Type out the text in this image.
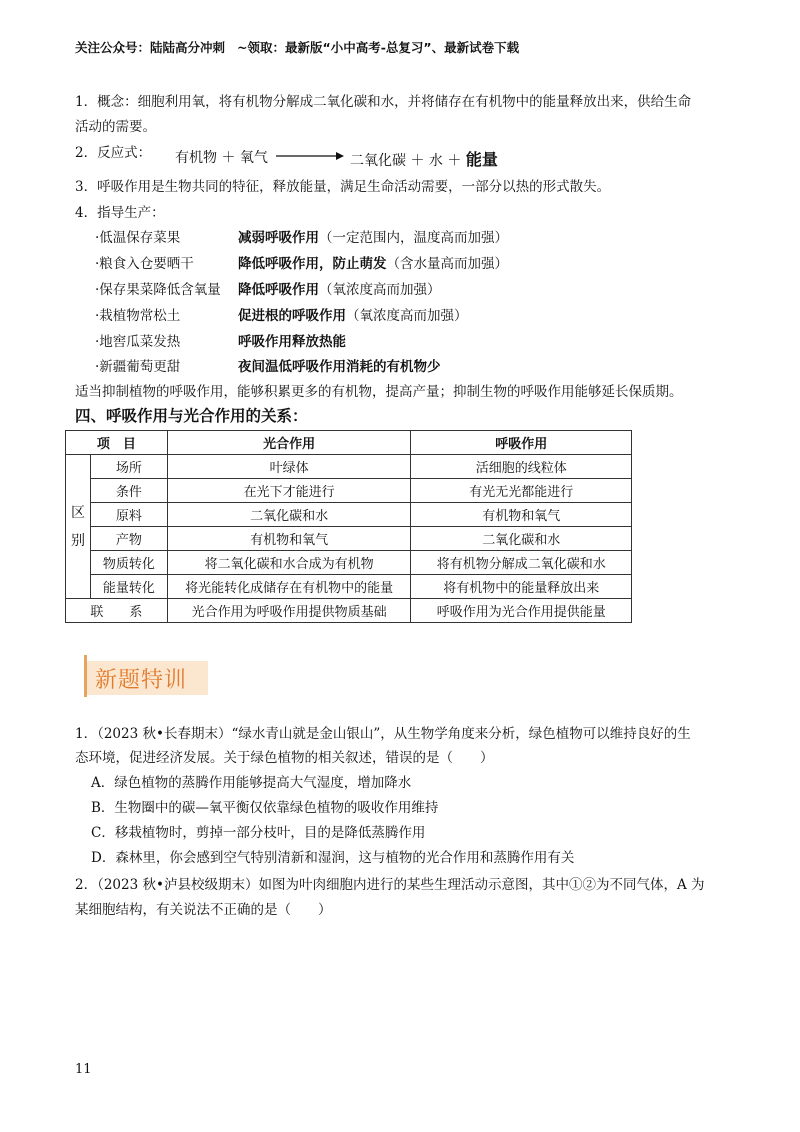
关注公众号：陆陆高分冲刺 ~领取：最新版“小中高考-总复习”、最新试卷下载
1．概念：细胞利用氧，将有机物分解成二氧化碳和水，并将储存在有机物中的能量释放出来，供给生命
活动的需要。
2．反应式： 有机物 ＋ 氧气	二氧化碳 ＋ 水 ＋ 能量
3．呼吸作用是生物共同的特征，释放能量，满足生命活动需要，一部分以热的形式散失。
4．指导生产：
·低温保存菜果	减弱呼吸作用（一定范围内，温度高而加强）
·粮食入仓要晒干	降低呼吸作用，防止萌发（含水量高而加强）
·保存果菜降低含氧量 降低呼吸作用（氧浓度高而加强）
·栽植物常松土	促进根的呼吸作用（氧浓度高而加强）
·地窖瓜菜发热	呼吸作用释放热能
·新疆葡萄更甜	夜间温低呼吸作用消耗的有机物少
适当抑制植物的呼吸作用，能够积累更多的有机物，提高产量；抑制生物的呼吸作用能够延长保质期。
四、呼吸作用与光合作用的关系：
项　目		光合作用	呼吸作用
区
别	场所	叶绿体	活细胞的线粒体
	条件	在光下才能进行	有光无光都能进行
	原料	二氧化碳和水	有机物和氧气
	产物	有机物和氧气	二氧化碳和水
	物质转化	将二氧化碳和水合成为有机物	将有机物分解成二氧化碳和水
	能量转化	将光能转化成储存在有机物中的能量	将有机物中的能量释放出来
联　　系		光合作用为呼吸作用提供物质基础	呼吸作用为光合作用提供能量
新题特训
1．（2023 秋•长春期末）“绿水青山就是金山银山”，从生物学角度来分析，绿色植物可以维持良好的生
态环境，促进经济发展。关于绿色植物的相关叙述，错误的是（　　）
A．绿色植物的蒸腾作用能够提高大气湿度，增加降水
B．生物圈中的碳—氧平衡仅依靠绿色植物的吸收作用维持
C．移栽植物时，剪掉一部分枝叶，目的是降低蒸腾作用
D．森林里，你会感到空气特别清新和湿润，这与植物的光合作用和蒸腾作用有关
2．（2023 秋•泸县校级期末）如图为叶肉细胞内进行的某些生理活动示意图，其中①②为不同气体，A 为
某细胞结构，有关说法不正确的是（　　）
11
